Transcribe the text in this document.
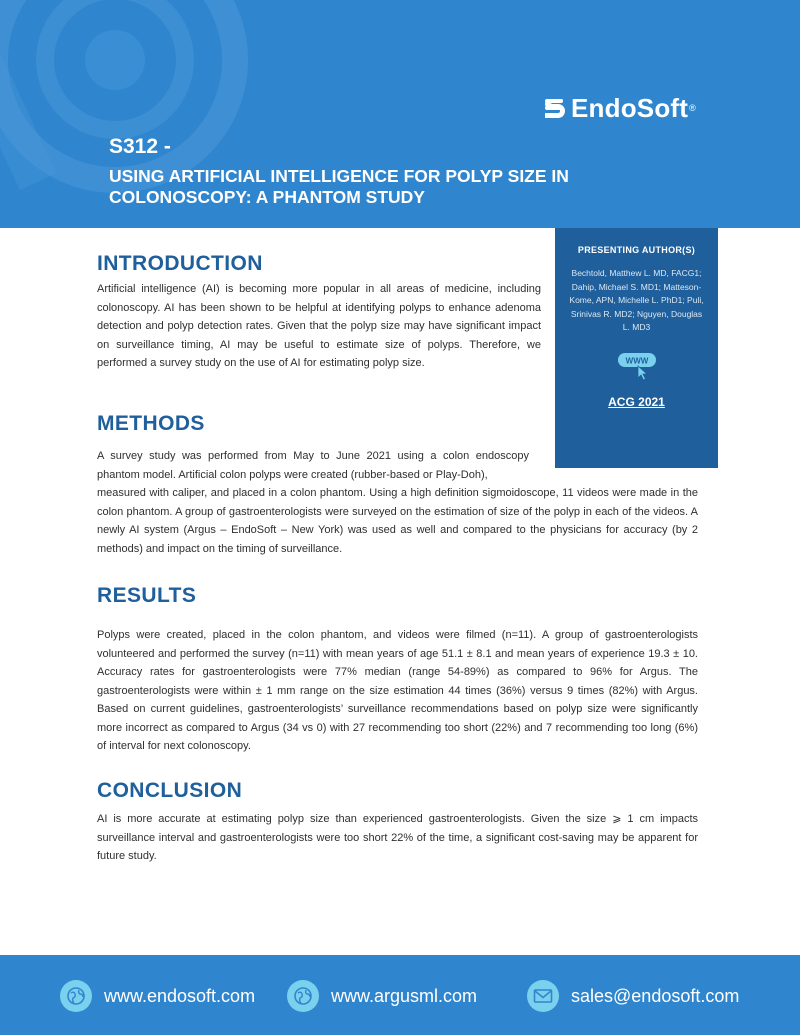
EndoSoft ®
S312 -
USING ARTIFICIAL INTELLIGENCE FOR POLYP SIZE IN COLONOSCOPY: A PHANTOM STUDY
PRESENTING AUTHOR(S)
Bechtold, Matthew L. MD, FACG1; Dahip, Michael S. MD1; Matteson-Kome, APN, Michelle L. PhD1; Puli, Srinivas R. MD2; Nguyen, Douglas L. MD3
WWW
ACG 2021
INTRODUCTION
Artificial intelligence (AI) is becoming more popular in all areas of medicine, including colonoscopy. AI has been shown to be helpful at identifying polyps to enhance adenoma detection and polyp detection rates. Given that the polyp size may have significant impact on surveillance timing, AI may be useful to estimate size of polyps. Therefore, we performed a survey study on the use of AI for estimating polyp size.
METHODS
A survey study was performed from May to June 2021 using a colon endoscopy phantom model. Artificial colon polyps were created (rubber-based or Play-Doh),
measured with caliper, and placed in a colon phantom. Using a high definition sigmoidoscope, 11 videos were made in the colon phantom. A group of gastroenterologists were surveyed on the estimation of size of the polyp in each of the videos. A newly AI system (Argus – EndoSoft – New York) was used as well and compared to the physicians for accuracy (by 2 methods) and impact on the timing of surveillance.
RESULTS
Polyps were created, placed in the colon phantom, and videos were filmed (n=11). A group of gastroenterologists volunteered and performed the survey (n=11) with mean years of age 51.1 ± 8.1 and mean years of experience 19.3 ± 10. Accuracy rates for gastroenterologists were 77% median (range 54-89%) as compared to 96% for Argus. The gastroenterologists were within ± 1 mm range on the size estimation 44 times (36%) versus 9 times (82%) with Argus. Based on current guidelines, gastroenterologists’ surveillance recommendations based on polyp size were significantly more incorrect as compared to Argus (34 vs 0) with 27 recommending too short (22%) and 7 recommending too long (6%) of interval for next colonoscopy.
CONCLUSION
AI is more accurate at estimating polyp size than experienced gastroenterologists. Given the size ⩾ 1 cm impacts surveillance interval and gastroenterologists were too short 22% of the time, a significant cost-saving may be apparent for future study.
www.endosoft.com	www.argusml.com	sales@endosoft.com
